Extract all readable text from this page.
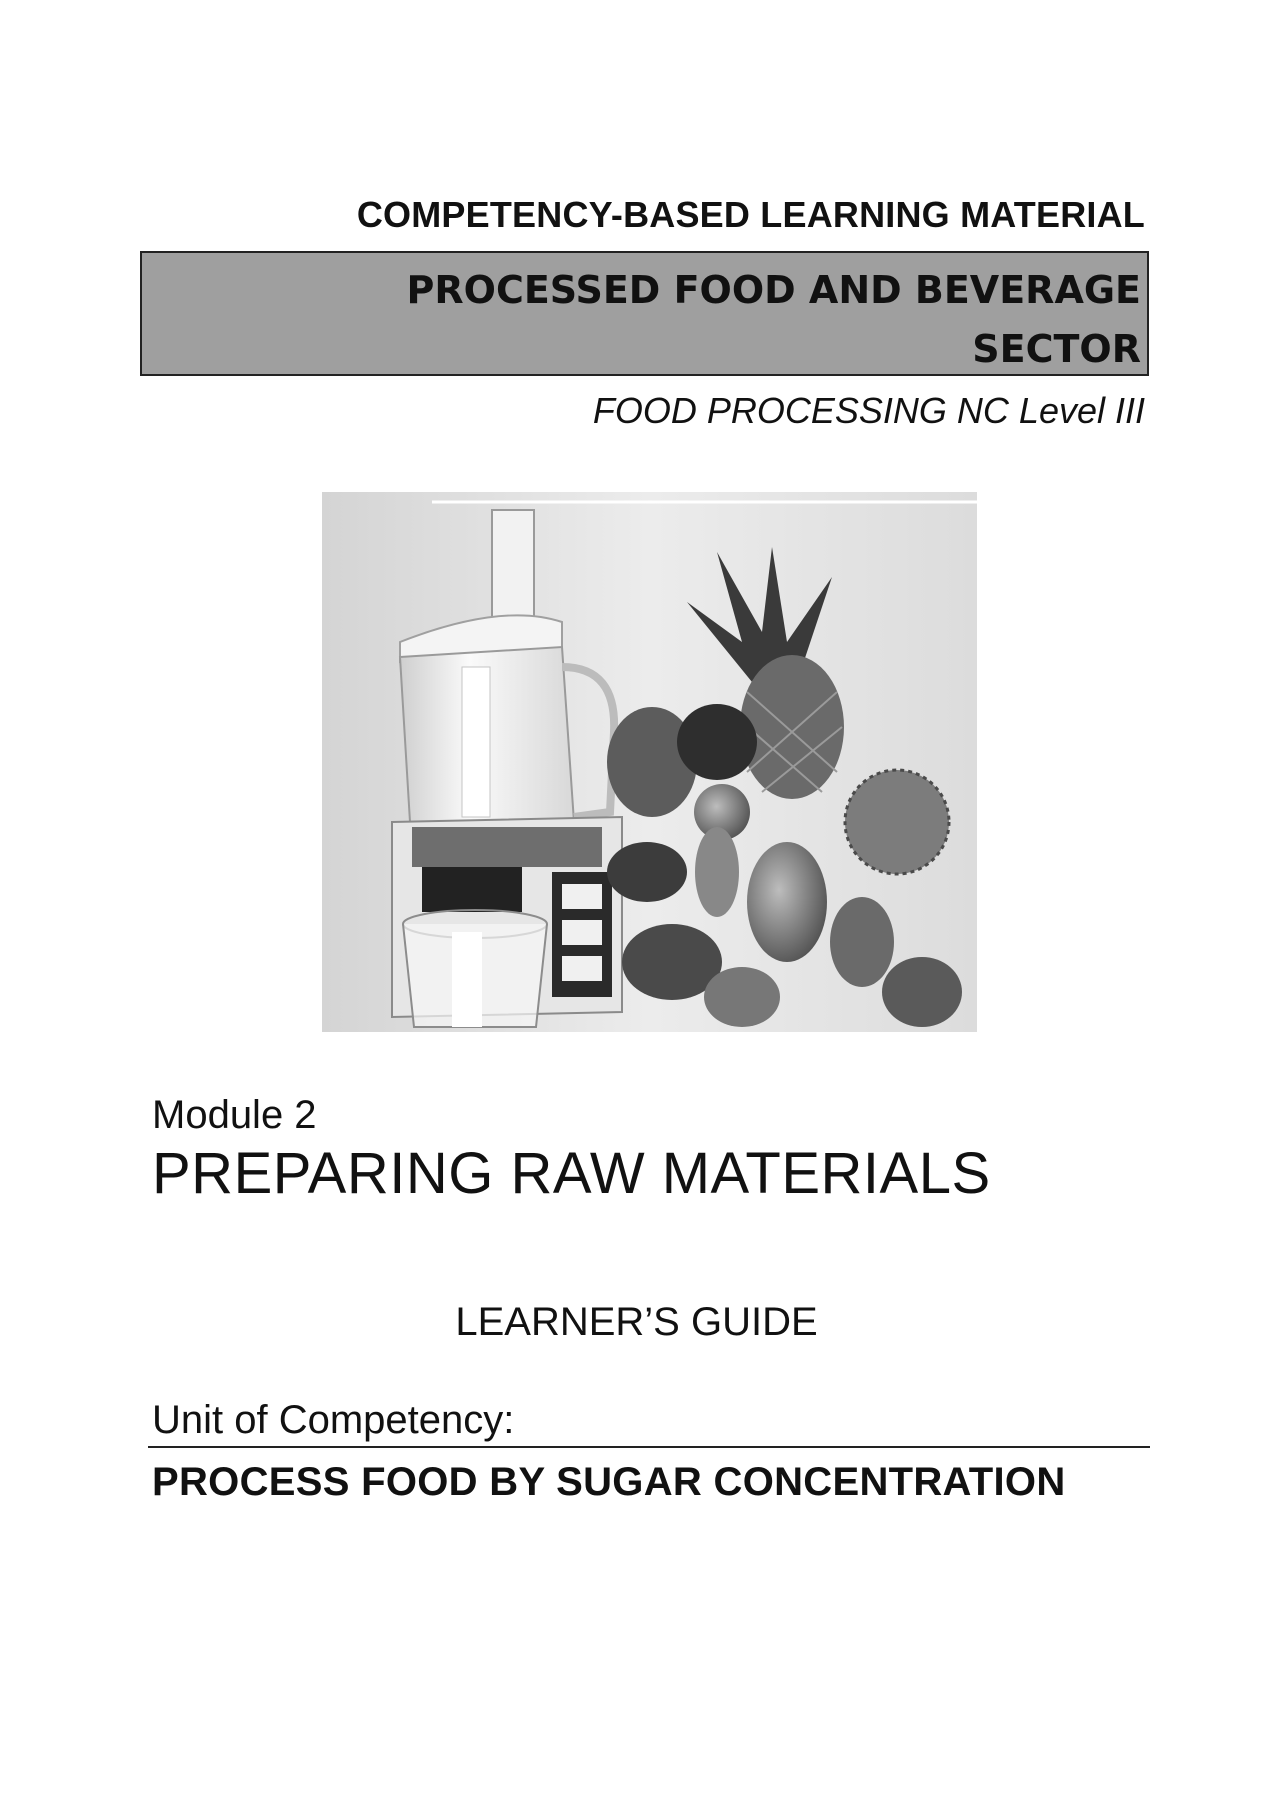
COMPETENCY-BASED LEARNING MATERIAL
PROCESSED FOOD AND BEVERAGE
SECTOR
FOOD PROCESSING NC Level III
Module 2
PREPARING RAW MATERIALS
LEARNER’S GUIDE
Unit of Competency:
PROCESS FOOD BY SUGAR CONCENTRATION
